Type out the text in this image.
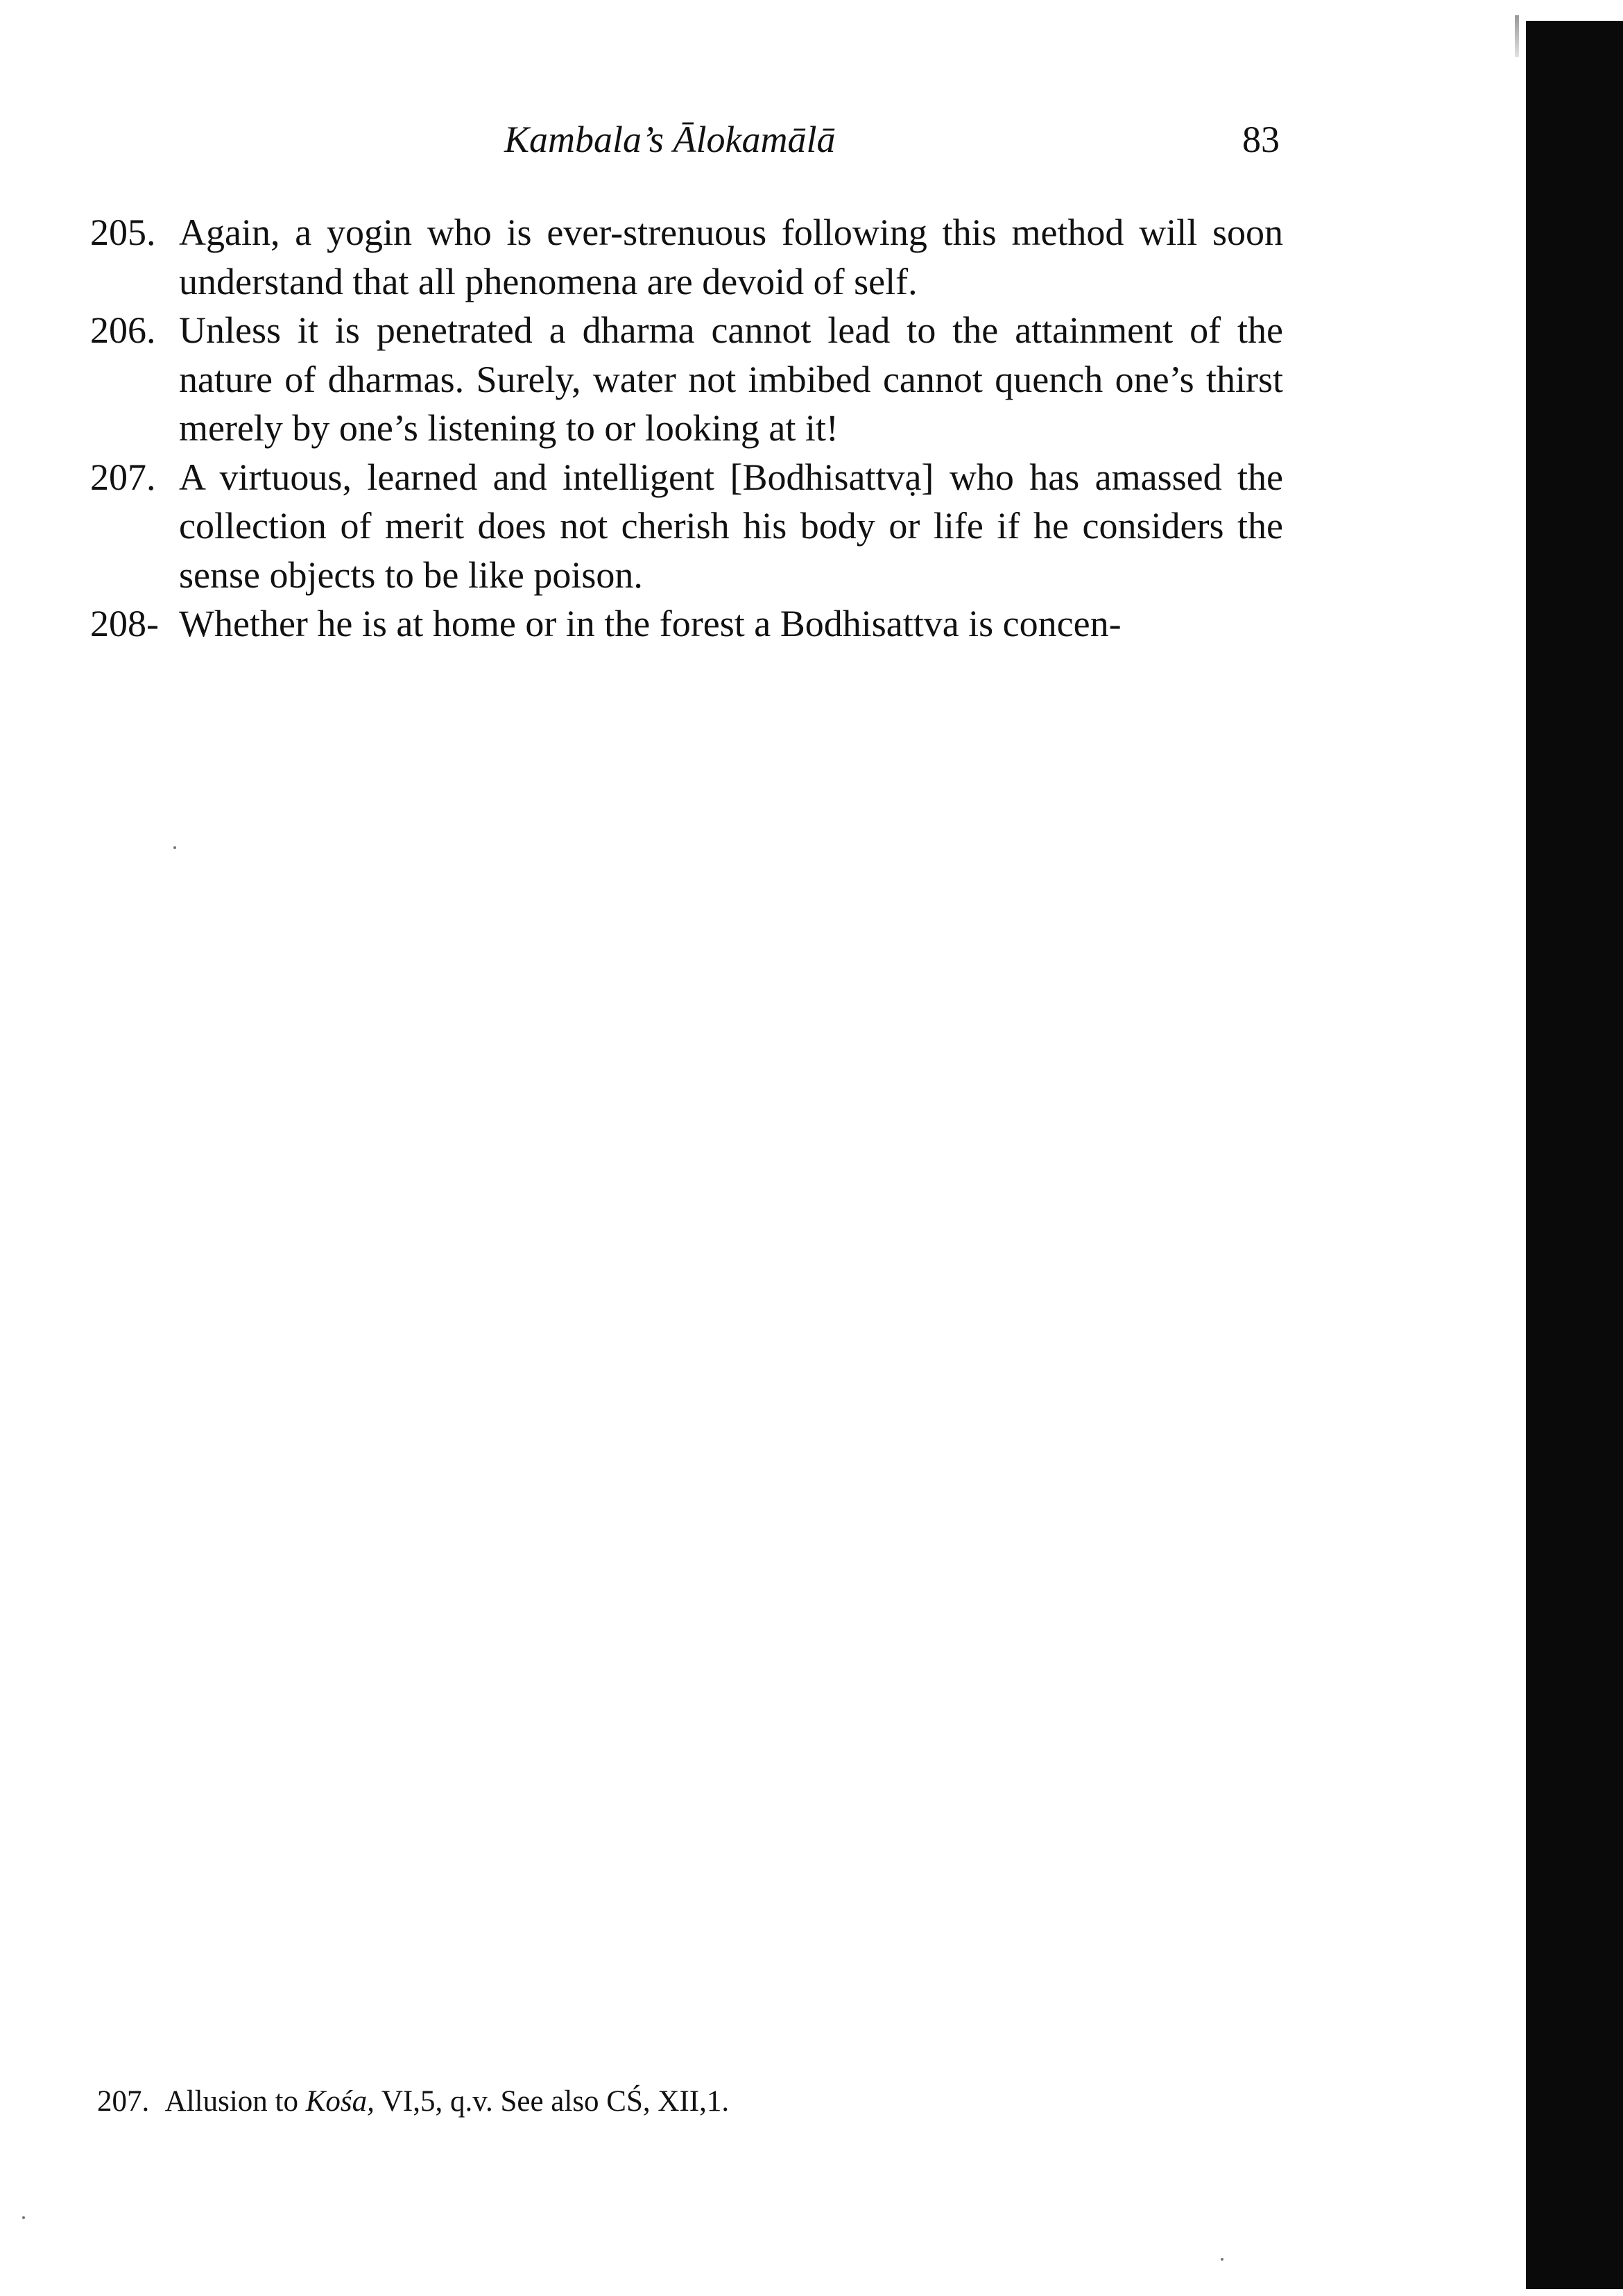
Kambala’s Ālokamālā	83
205. Again, a yogin who is ever-strenuous following this method will soon understand that all phenomena are devoid of self.
206. Unless it is penetrated a dharma cannot lead to the attainment of the nature of dharmas. Surely, water not imbibed cannot quench one’s thirst merely by one’s listening to or looking at it!
207. A virtuous, learned and intelligent [Bodhisattvạ] who has amassed the collection of merit does not cherish his body or life if he considers the sense objects to be like poison.
208- Whether he is at home or in the forest a Bodhisattva is concen-
207. Allusion to Kośa, VI,5, q.v. See also CŚ, XII,1.
